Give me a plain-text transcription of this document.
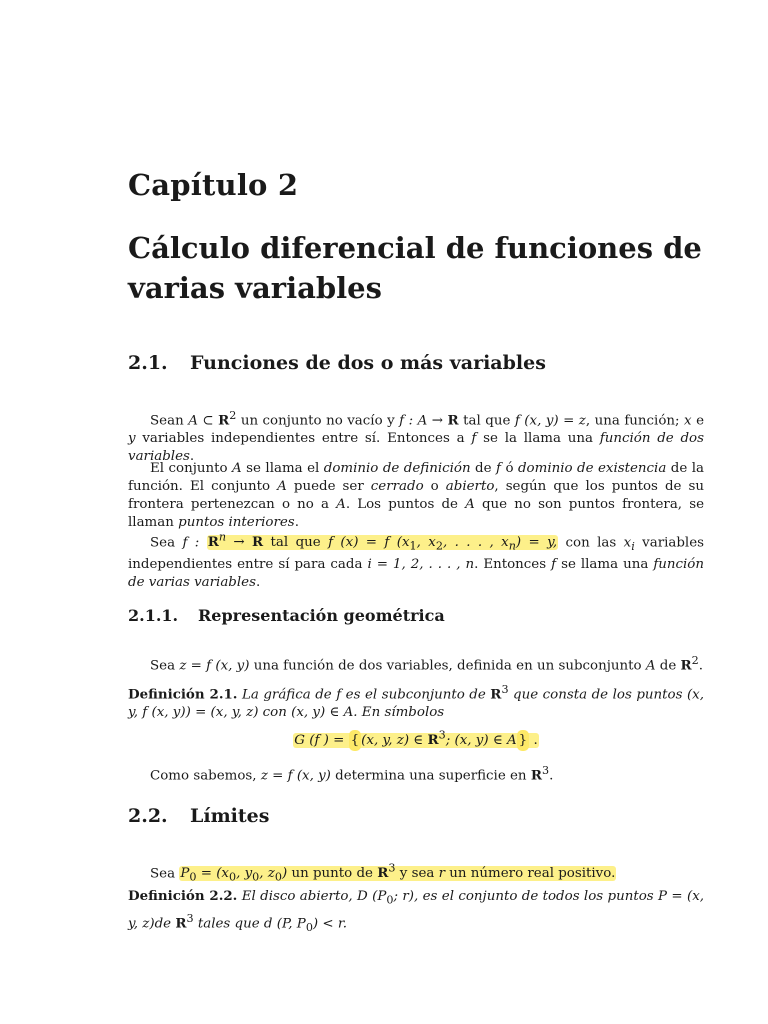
Capítulo 2
Cálculo diferencial de funciones de varias variables
2.1. Funciones de dos o más variables
Sean A ⊂ $R^2$ un conjunto no vacío y f : A → R tal que f (x, y) = z, una función; x e y variables independientes entre sí. Entonces a f se la llama una función de dos variables.
El conjunto A se llama el dominio de definición de f ó dominio de existencia de la función. El conjunto A puede ser cerrado o abierto, según que los puntos de su frontera pertenezcan o no a A. Los puntos de A que no son puntos frontera, se llaman puntos interiores.
Sea f : $R^n \to R$ tal que f (x) = f ($x_1$, $x_2$, . . . , $x_n) = y$, con las $x_i$ variables independientes entre sí para cada i = 1, 2, . . . , n. Entonces f se llama una función de varias variables.
2.1.1. Representación geométrica
Sea z = f (x, y) una función de dos variables, definida en un subconjunto A de $R^2$.
Definición 2.1. La gráfica de f es el subconjunto de $R^3$ que consta de los puntos (x, y, f (x, y)) = (x, y, z) con (x, y) ∈ A. En símbolos
G (f ) = { (x, y, z) ∈ $R^3$; (x, y) ∈ A } .
Como sabemos, z = f (x, y) determina una superficie en $R^3$.
2.2. Límites
Sea $P_0 = (x_0$, $y_0$, $z_0$) un punto de $R^3$ y sea r un número real positivo.
Definición 2.2. El disco abierto, D ($P_0$; r), es el conjunto de todos los puntos P = (x, y, z)de $R^3$ tales que d (P, $P_0) < r$.
